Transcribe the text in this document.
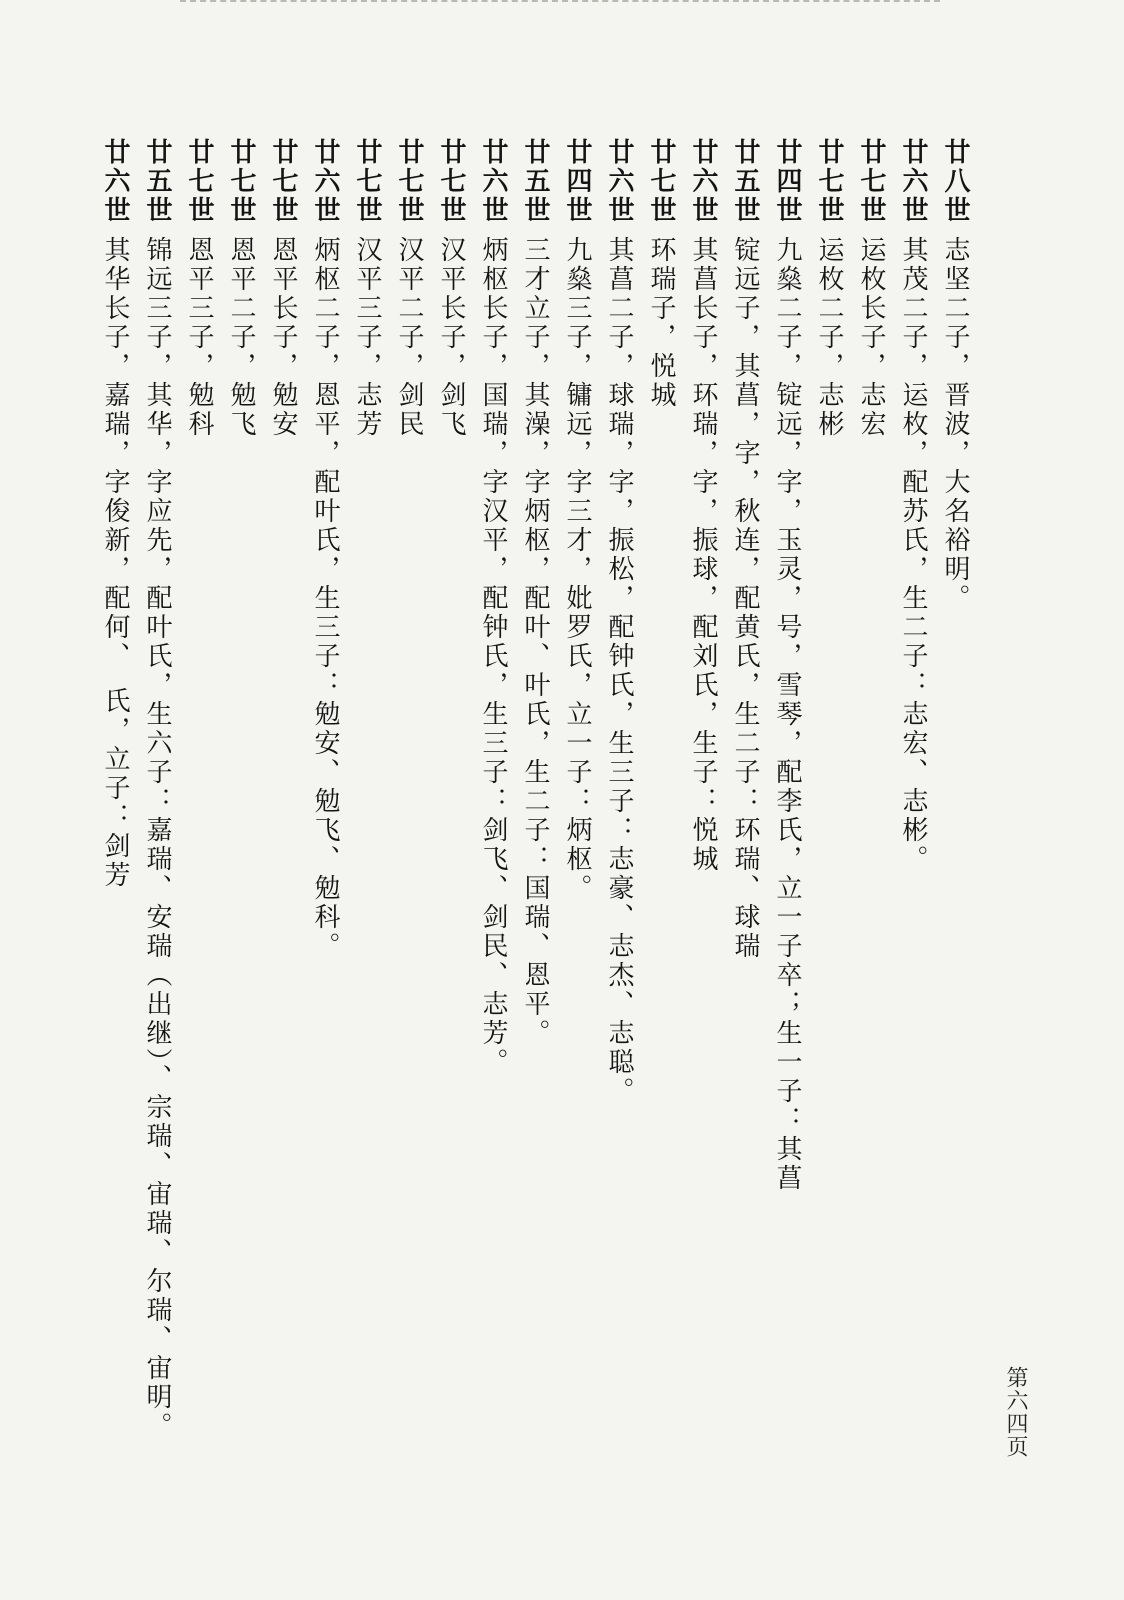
廿八世
志坚二子，晋波，大名裕明。
廿六世
其茂二子，运枚，配苏氏，生二子：志宏、志彬。
廿七世
运枚长子，志宏
廿七世
运枚二子，志彬
廿四世
九燊二子，锭远，字，玉灵，号，雪琴，配李氏，立一子卒；生一子：其菖
廿五世
锭远子，其菖，字，秋连，配黄氏，生二子：环瑞、球瑞
廿六世
其菖长子，环瑞，字，振球，配刘氏，生子：悦城
廿七世
环瑞子，悦城
廿六世
其菖二子，球瑞，字，振松，配钟氏，生三子：志豪、志杰、志聪。
廿四世
九燊三子，镛远，字三才，妣罗氏，立一子：炳枢。
廿五世
三才立子，其澡，字炳枢，配叶、叶氏，生二子：国瑞、恩平。
廿六世
炳枢长子，国瑞，字汉平，配钟氏，生三子：剑飞、剑民、志芳。
廿七世
汉平长子，剑飞
廿七世
汉平二子，剑民
廿七世
汉平三子，志芳
廿六世
炳枢二子，恩平，配叶氏，生三子：勉安、勉飞、勉科。
廿七世
恩平长子，勉安
廿七世
恩平二子，勉飞
廿七世
恩平三子，勉科
廿五世
锦远三子，其华，字应先，配叶氏，生六子：嘉瑞、安瑞（出继）、宗瑞、宙瑞、尔瑞、宙明。
廿六世
其华长子，嘉瑞，字俊新，配何、　氏，立子：剑芳
第六四页
